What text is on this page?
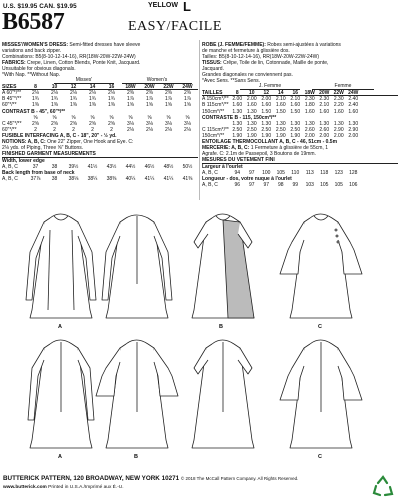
U.S. $19.95 CAN. $19.95
B6587	EASY/FACILE
YELLOW L
MISSES'/WOMEN'S DRESS: Semi-fitted dresses have sleeve
variations and back zipper.
Combinations: B5(8-10-12-14-16), RR(18W-20W-22W-24W)
FABRICS: Crepe, Linen, Cotton Blends, Ponte Knit, Jacquard.
Unsuitable for obvious diagonals.
*With Nap. **Without Nap.
Misses'	Women's
SIZES	8	10	12	14	16	18W	20W	22W	24W
A 60"*/**	2⅛	2⅛	2⅛	2⅛	2⅛	2⅜	2⅜	2⅜	2⅜
B 45"*/**	1¾	1¾	1¾	1¾	1¾	1⅞	1⅞	1⅞	1⅞
60"*/**	1⅜	1⅜	1⅜	1⅜	1⅜	1⅝	1⅝	1⅝	1⅝
CONTRAST B - 45", 60"*/**
⅝	⅝	⅝	⅝	⅝	⅝	⅝	⅝	⅝
C 45"*/**	2⅝	2⅝	2⅝	2⅝	2⅝	3⅛	3⅛	3⅛	3⅛
60"*/**	2	2	2	2	2	2⅛	2⅛	2⅛	2⅛
FUSIBLE INTERFACING A, B, C - 18", 20" - ½ yd.
NOTIONS: A, B, C: One 22" Zipper, One Hook and Eye. C:
2⅛ yds. of Piping, Three ⅝" Buttons.
FINISHED GARMENT MEASUREMENTS
Width, lower edge
A, B, C	37	38	39½	41½	43½	44½	46½	48½	50½
Back length from base of neck
A, B, C	37⅞	38	38⅛	38¼	38⅜	40¼	41¼	41¼	41⅜
ROBE (J. FEMME/FEMME): Robes semi-ajustées à variations
de manche et fermeture à glissière dos.
Tailles: B5(8-10-12-14-16), RR(18W-20W-22W-24W)
TISSUS: Crêpe, Toile de lin, Cotonnade, Maille de ponte,
Jacquard.
Grandes diagonales ne conviennent pas.
*Avec Sens. **Sans Sens.
J. Femme	Femme
TAILLES	8	10	12	14	16	18W 20W 22W 24W
A 150cm*/** 2.00 2.00 2.00 2.10 2.10 2.30 2.30 2.30 2.40
B 115cm*/** 1.60 1.60 1.60 1.60 1.60 1.80 2.10 2.20 2.40
150cm*/**	1.30 1.30 1.50 1.50 1.50 1.60 1.60 1.60 1.60
CONTRASTE B - 115, 150cm*/**
1.30 1.30 1.30 1.30 1.30 1.30 1.30 1.30 1.30
C 115cm*/** 2.50 2.50 2.50 2.50 2.50 2.60 2.60 2.90 2.90
150cm*/**	1.90 1.90 1.90 1.90 1.90 2.00 2.00 2.00 2.00
ENTOILAGE THERMOCOLLANT A, B, C - 46, 51cm - 0.5m
MERCERIE: A, B, C: 1 Fermeture à glissière de 55cm, 1
Agrafe. C: 2.1m de Passepoil, 3 Boutons de 19mm.
MESURES DU VÊTEMENT FINI
Largeur à l'ourlet
A, B, C	94	97	100	105	110	113	118	123	128
Longueur - dos, votre nuque à l'ourlet
A, B, C	96	97	97	98	99	103	105	105	106
A	B	C
A	B	C
BUTTERICK PATTERN, 120 BROADWAY, NEW YORK 10271 © 2018 The McCall Pattern Company. All Rights Reserved.
www.butterick.com Printed in U.S.A./Imprimé aux É.-U.
